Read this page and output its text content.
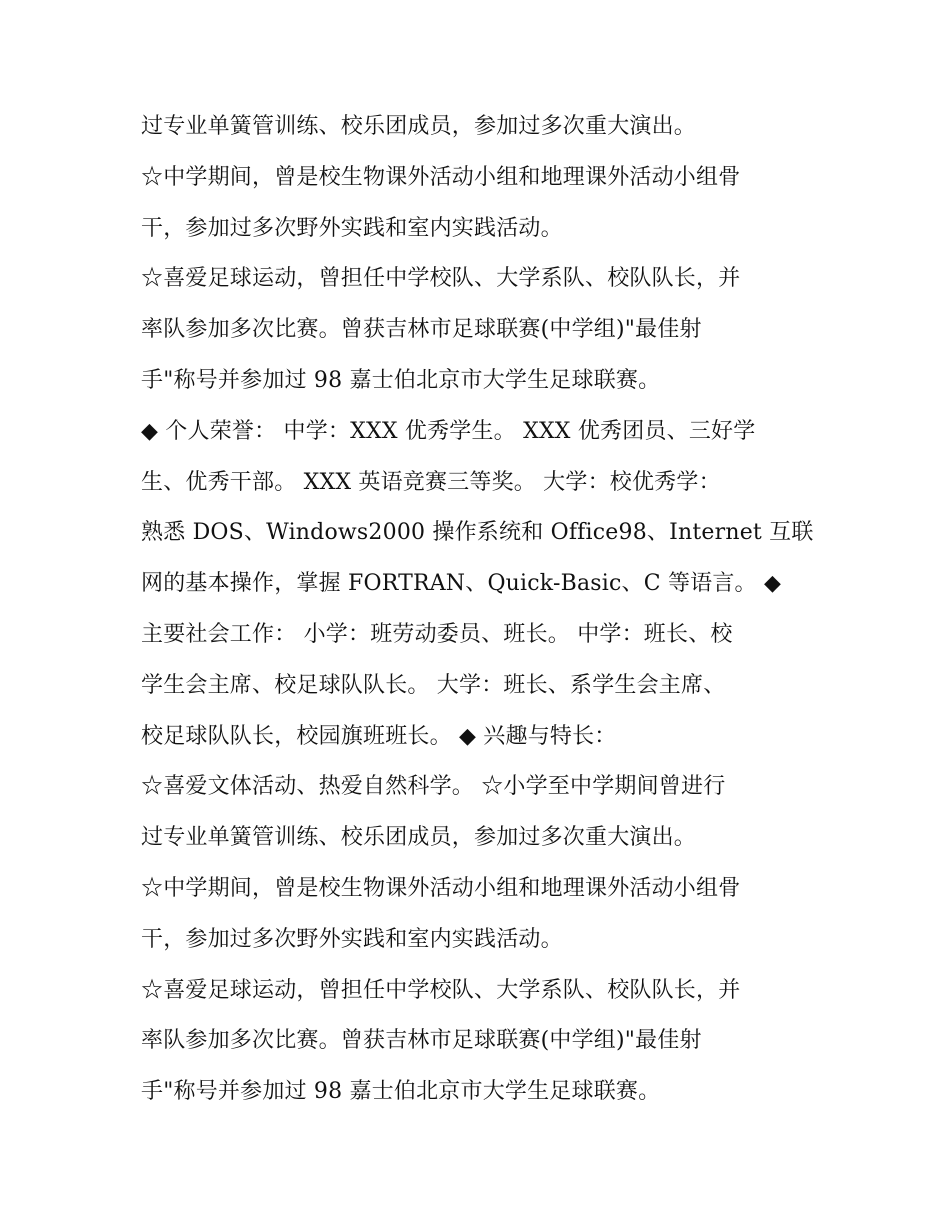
过专业单簧管训练、校乐团成员，参加过多次重大演出。
☆中学期间，曾是校生物课外活动小组和地理课外活动小组骨
干，参加过多次野外实践和室内实践活动。
☆喜爱足球运动，曾担任中学校队、大学系队、校队队长，并
率队参加多次比赛。曾获吉林市足球联赛(中学组)"最佳射
手"称号并参加过 98 嘉士伯北京市大学生足球联赛。
◆ 个人荣誉： 中学：XXX 优秀学生。 XXX 优秀团员、三好学
生、优秀干部。 XXX 英语竞赛三等奖。 大学：校优秀学：
熟悉 DOS、Windows2000 操作系统和 Office98、Internet 互联
网的基本操作，掌握 FORTRAN、Quick-Basic、C 等语言。 ◆
主要社会工作： 小学：班劳动委员、班长。 中学：班长、校
学生会主席、校足球队队长。 大学：班长、系学生会主席、
校足球队队长，校园旗班班长。 ◆ 兴趣与特长：
☆喜爱文体活动、热爱自然科学。 ☆小学至中学期间曾进行
过专业单簧管训练、校乐团成员，参加过多次重大演出。
☆中学期间，曾是校生物课外活动小组和地理课外活动小组骨
干，参加过多次野外实践和室内实践活动。
☆喜爱足球运动，曾担任中学校队、大学系队、校队队长，并
率队参加多次比赛。曾获吉林市足球联赛(中学组)"最佳射
手"称号并参加过 98 嘉士伯北京市大学生足球联赛。
